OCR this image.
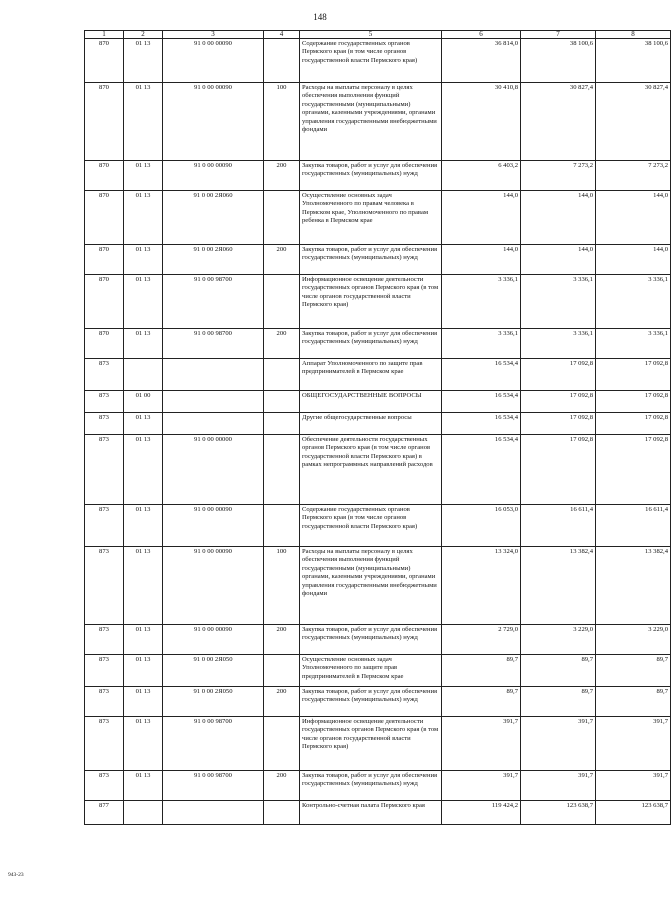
148
1	2	3	4	5	6	7	8
870	01 13	91 0 00 00090		Содержание государственных органов Пермского края (в том числе органов государственной власти Пермского края)	36 814,0	38 100,6	38 100,6
870	01 13	91 0 00 00090	100	Расходы на выплаты персоналу в целях обеспечения выполнения функций государственными (муниципальными) органами, казенными учреждениями, органами управления государственными внебюджетными фондами	30 410,8	30 827,4	30 827,4
870	01 13	91 0 00 00090	200	Закупка товаров, работ и услуг для обеспечения государственных (муниципальных) нужд	6 403,2	7 273,2	7 273,2
870	01 13	91 0 00 2Я060		Осуществление основных задач Уполномоченного по правам человека в Пермском крае, Уполномоченного по правам ребенка в Пермском крае	144,0	144,0	144,0
870	01 13	91 0 00 2Я060	200	Закупка товаров, работ и услуг для обеспечения государственных (муниципальных) нужд	144,0	144,0	144,0
870	01 13	91 0 00 98700		Информационное освещение деятельности государственных органов Пермского края (в том числе органов государственной власти Пермского края)	3 336,1	3 336,1	3 336,1
870	01 13	91 0 00 98700	200	Закупка товаров, работ и услуг для обеспечения государственных (муниципальных) нужд	3 336,1	3 336,1	3 336,1
873				Аппарат Уполномоченного по защите прав предпринимателей в Пермском крае	16 534,4	17 092,8	17 092,8
873	01 00			ОБЩЕГОСУДАРСТВЕННЫЕ ВОПРОСЫ	16 534,4	17 092,8	17 092,8
873	01 13			Другие общегосударственные вопросы	16 534,4	17 092,8	17 092,8
873	01 13	91 0 00 00000		Обеспечение деятельности государственных органов Пермского края (в том числе органов государственной власти Пермского края) в рамках непрограммных направлений расходов	16 534,4	17 092,8	17 092,8
873	01 13	91 0 00 00090		Содержание государственных органов Пермского края (в том числе органов государственной власти Пермского края)	16 053,0	16 611,4	16 611,4
873	01 13	91 0 00 00090	100	Расходы на выплаты персоналу в целях обеспечения выполнения функций государственными (муниципальными) органами, казенными учреждениями, органами управления государственными внебюджетными фондами	13 324,0	13 382,4	13 382,4
873	01 13	91 0 00 00090	200	Закупка товаров, работ и услуг для обеспечения государственных (муниципальных) нужд	2 729,0	3 229,0	3 229,0
873	01 13	91 0 00 2Я050		Осуществление основных задач Уполномоченного по защите прав предпринимателей в Пермском крае	89,7	89,7	89,7
873	01 13	91 0 00 2Я050	200	Закупка товаров, работ и услуг для обеспечения государственных (муниципальных) нужд	89,7	89,7	89,7
873	01 13	91 0 00 98700		Информационное освещение деятельности государственных органов Пермского края (в том числе органов государственной власти Пермского края)	391,7	391,7	391,7
873	01 13	91 0 00 98700	200	Закупка товаров, работ и услуг для обеспечения государственных (муниципальных) нужд	391,7	391,7	391,7
877				Контрольно-счетная палата Пермского края	119 424,2	123 638,7	123 638,7
943-23
